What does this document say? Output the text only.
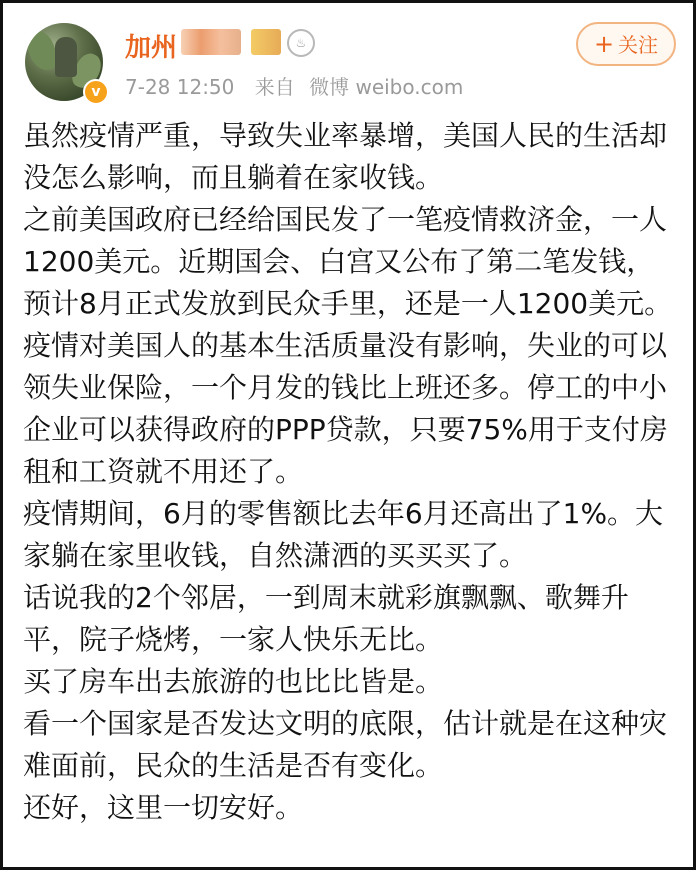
v
加州	♨
7-28 12:50 来自 微博 weibo.com
+ 关注

虽然疫情严重，导致失业率暴增，美国人民的生活却没怎么影响，而且躺着在家收钱。

之前美国政府已经给国民发了一笔疫情救济金，一人1200美元。近期国会、白宫又公布了第二笔发钱，预计8月正式发放到民众手里，还是一人1200美元。

疫情对美国人的基本生活质量没有影响，失业的可以领失业保险，一个月发的钱比上班还多。停工的中小企业可以获得政府的PPP贷款，只要75%用于支付房租和工资就不用还了。

疫情期间，6月的零售额比去年6月还高出了1%。大家躺在家里收钱，自然潇洒的买买买了。

话说我的2个邻居，一到周末就彩旗飘飘、歌舞升平，院子烧烤，一家人快乐无比。

买了房车出去旅游的也比比皆是。

看一个国家是否发达文明的底限，估计就是在这种灾难面前，民众的生活是否有变化。

还好，这里一切安好。
